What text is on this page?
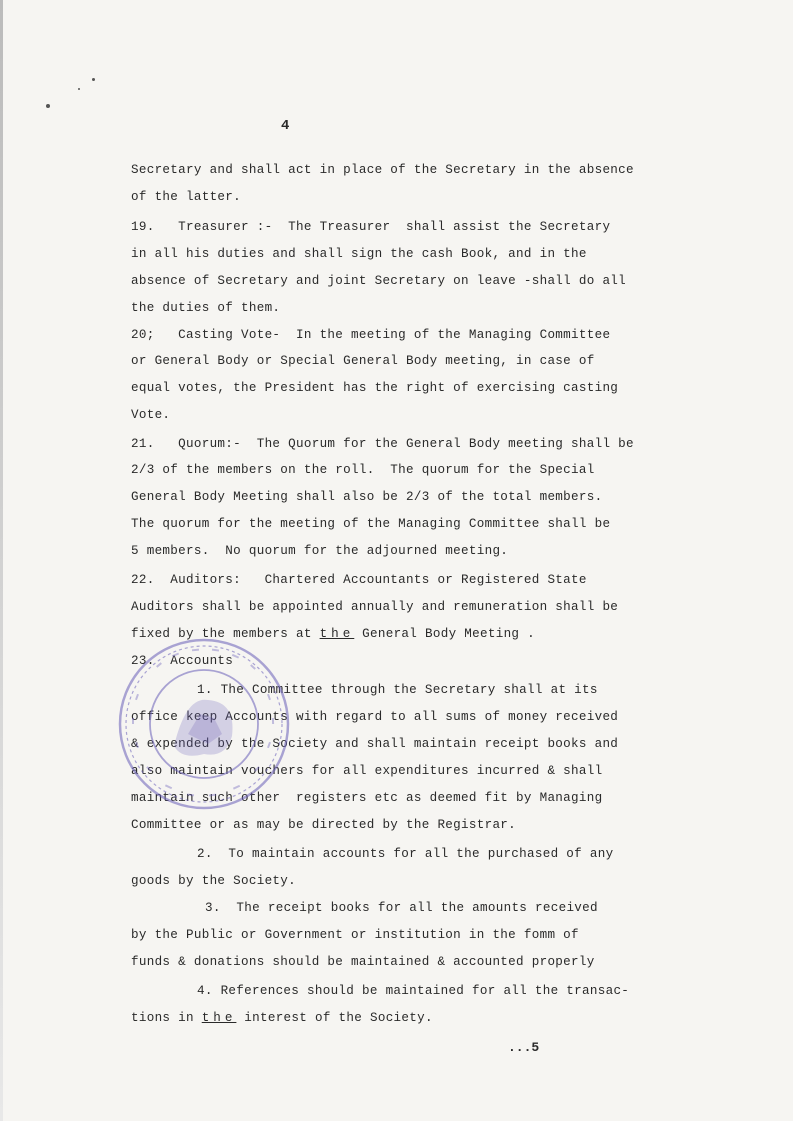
4
Secretary and shall act in place of the Secretary in the absence
of the latter.
19.   Treasurer :-  The Treasurer  shall assist the Secretary
in all his duties and shall sign the cash Book, and in the
absence of Secretary and joint Secretary on leave -shall do all
the duties of them.
20;   Casting Vote-  In the meeting of the Managing Committee
or General Body or Special General Body meeting, in case of
equal votes, the President has the right of exercising casting
Vote.
21.   Quorum:-  The Quorum for the General Body meeting shall be
2/3 of the members on the roll.  The quorum for the Special
General Body Meeting shall also be 2/3 of the total members.
The quorum for the meeting of the Managing Committee shall be
5 members.  No quorum for the adjourned meeting.
22.  Auditors:   Chartered Accountants or Registered State
Auditors shall be appointed annually and remuneration shall be
fixed by the members at the General Body Meeting .
23.  Accounts
1. The Committee through the Secretary shall at its
office keep Accounts with regard to all sums of money received
& expended by the Society and shall maintain receipt books and
also maintain vouchers for all expenditures incurred & shall
maintain such other  registers etc as deemed fit by Managing
Committee or as may be directed by the Registrar.
2.  To maintain accounts for all the purchased of any
goods by the Society.
3.  The receipt books for all the amounts received
by the Public or Government or institution in the fomm of
funds & donations should be maintained & accounted properly
4. References should be maintained for all the transac-
tions in the interest of the Society.
...5
